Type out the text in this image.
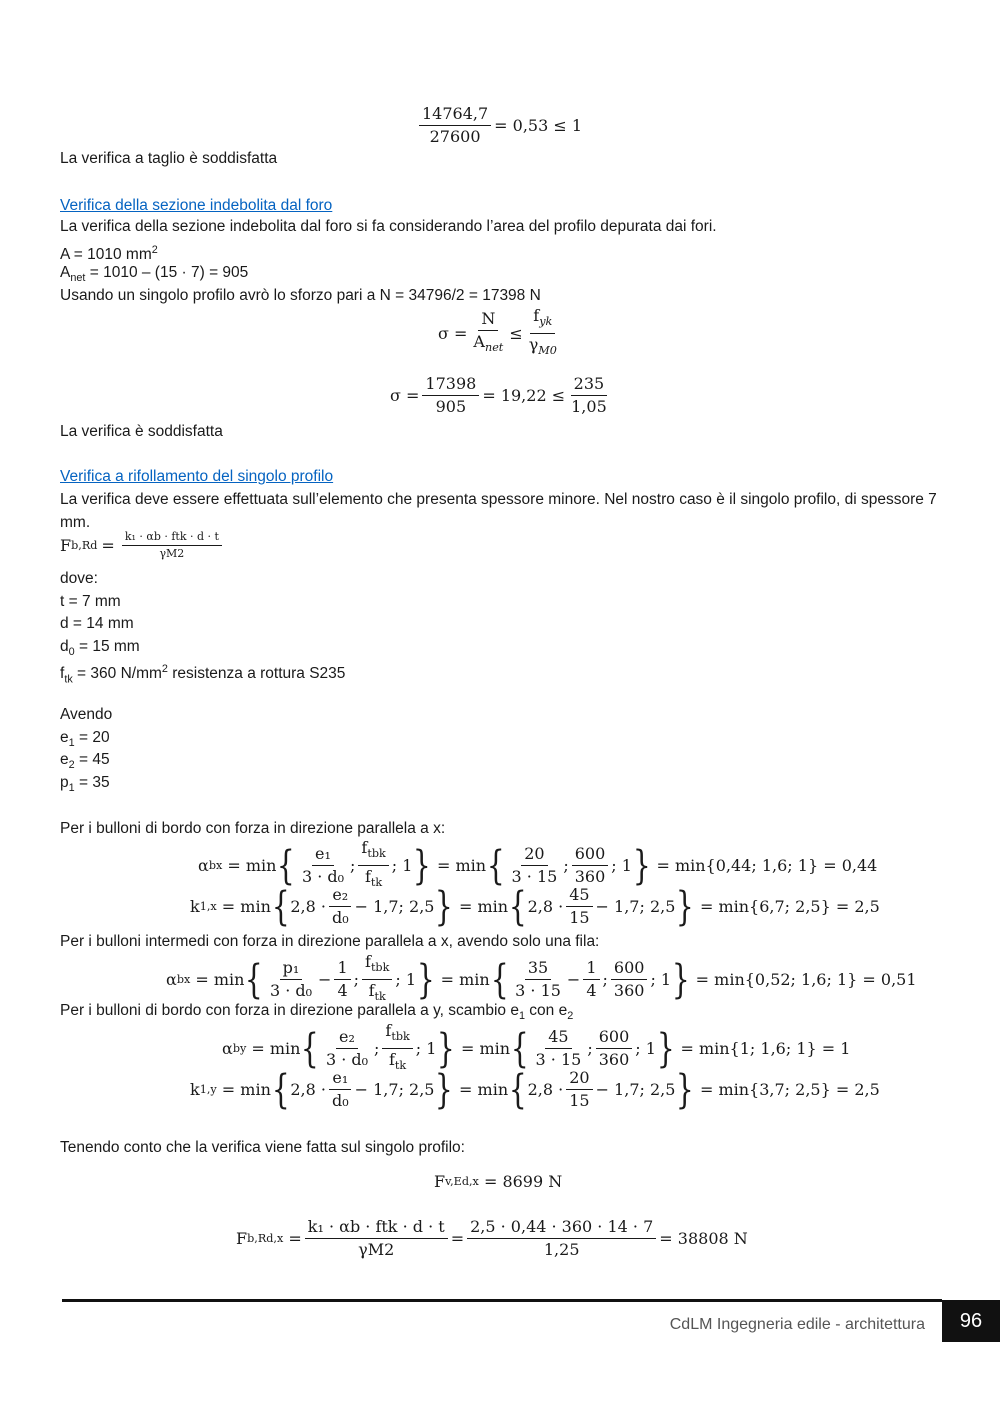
$\frac{14764,7}{27600} = 0,53 \le 1$
La verifica a taglio è soddisfatta
Verifica della sezione indebolita dal foro
La verifica della sezione indebolita dal foro si fa considerando l’area del profilo depurata dai fori.
A = 1010 $mm^2$
$A_{net} = 1010 - (15 \cdot 7) = 905$
Usando un singolo profilo avrò lo sforzo pari a N = 34796/2 = 17398 N
$\sigma = \frac{N}{A_{net}} \le \frac{f_{yk}}{\gamma_{M0}}$
$\sigma = \frac{17398}{905} = 19,22 \le \frac{235}{1,05}$
La verifica è soddisfatta
Verifica a rifollamento del singolo profilo
La verifica deve essere effettuata sull’elemento che presenta spessore minore. Nel nostro caso è il singolo profilo, di spessore 7 mm.
F $b,Rd = \frac{\text{k₁ · αb · ftk · d · t}}{\gamma M2}$
dove:
t = 7 mm
d = 14 mm
$d_0 = 15$ mm
$f_{tk} = 360$ $N/mm^2$ resistenza a rottura S235
Avendo
$e_1 = 20$
$e_2 = 45$
$p_1 = 35$
Per i bulloni di bordo con forza in direzione parallela a x:
α bx
= min { $\frac{\text{e₁}}{\text{3 · d₀}}$ ; $\frac{f_{tbk}}{f_{tk}}$ ; 1 }
= min { $\frac{20}{3 \cdot 15}$ ; $\frac{600}{360}$ ; 1 }
= min{0,44; 1,6; 1} = 0,44
k 1,x
= min { $2,8 \cdot \frac{\text{e₂}}{\text{d₀}} - 1,7$; 2,5 }
= min { $2,8 \cdot \frac{45}{15} - 1,7$; 2,5 }
= min{6,7; 2,5} = 2,5
Per i bulloni intermedi con forza in direzione parallela a x, avendo solo una fila:
α bx
= min { $\frac{\text{p₁}}{\text{3 · d₀}} - \frac{1}{4}$ ; $\frac{f_{tbk}}{f_{tk}}$ ; 1 }
= min { $\frac{35}{3 \cdot 15} - \frac{1}{4}$ ; $\frac{600}{360}$ ; 1 }
= min{0,52; 1,6; 1} = 0,51
Per i bulloni di bordo con forza in direzione parallela a y, scambio $e_1$ con $e_2$
α by
= min { $\frac{\text{e₂}}{\text{3 · d₀}}$ ; $\frac{f_{tbk}}{f_{tk}}$ ; 1 }
= min { $\frac{45}{3 \cdot 15}$ ; $\frac{600}{360}$ ; 1 }
= min{1; 1,6; 1} = 1
k 1,y
= min { $2,8 \cdot \frac{\text{e₁}}{\text{d₀}} - 1,7$; 2,5 }
= min { $2,8 \cdot \frac{20}{15} - 1,7$; 2,5 }
= min{3,7; 2,5} = 2,5
Tenendo conto che la verifica viene fatta sul singolo profilo:
F v,Ed,x
= 8699 N
F b,Rd,x
= $\frac{\text{k₁ · αb · ftk · d · t}}{\gamma M2} = \frac{2,5 \cdot 0,44 \cdot 360 \cdot 14 \cdot 7}{1,25} = 38808$ N
CdLM Ingegneria edile - architettura	96
